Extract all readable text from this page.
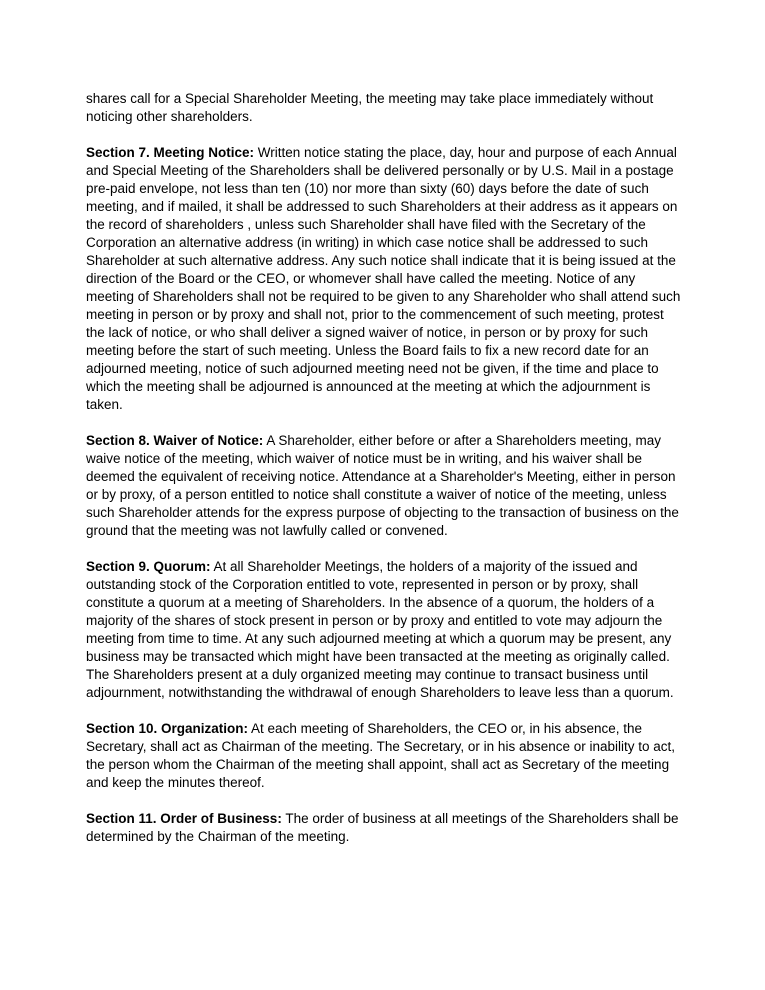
shares call for a Special Shareholder Meeting, the meeting may take place immediately without noticing other shareholders.

Section 7. Meeting Notice: Written notice stating the place, day, hour and purpose of each Annual and Special Meeting of the Shareholders shall be delivered personally or by U.S. Mail in a postage pre-paid envelope, not less than ten (10) nor more than sixty (60) days before the date of such meeting, and if mailed, it shall be addressed to such Shareholders at their address as it appears on the record of shareholders , unless such Shareholder shall have filed with the Secretary of the Corporation an alternative address (in writing) in which case notice shall be addressed to such Shareholder at such alternative address. Any such notice shall indicate that it is being issued at the direction of the Board or the CEO, or whomever shall have called the meeting. Notice of any meeting of Shareholders shall not be required to be given to any Shareholder who shall attend such meeting in person or by proxy and shall not, prior to the commencement of such meeting, protest the lack of notice, or who shall deliver a signed waiver of notice, in person or by proxy for such meeting before the start of such meeting. Unless the Board fails to fix a new record date for an adjourned meeting, notice of such adjourned meeting need not be given, if the time and place to which the meeting shall be adjourned is announced at the meeting at which the adjournment is taken.

Section 8. Waiver of Notice: A Shareholder, either before or after a Shareholders meeting, may waive notice of the meeting, which waiver of notice must be in writing, and his waiver shall be deemed the equivalent of receiving notice. Attendance at a Shareholder's Meeting, either in person or by proxy, of a person entitled to notice shall constitute a waiver of notice of the meeting, unless such Shareholder attends for the express purpose of objecting to the transaction of business on the ground that the meeting was not lawfully called or convened.

Section 9. Quorum: At all Shareholder Meetings, the holders of a majority of the issued and outstanding stock of the Corporation entitled to vote, represented in person or by proxy, shall constitute a quorum at a meeting of Shareholders. In the absence of a quorum, the holders of a majority of the shares of stock present in person or by proxy and entitled to vote may adjourn the meeting from time to time. At any such adjourned meeting at which a quorum may be present, any business may be transacted which might have been transacted at the meeting as originally called. The Shareholders present at a duly organized meeting may continue to transact business until adjournment, notwithstanding the withdrawal of enough Shareholders to leave less than a quorum.

Section 10. Organization: At each meeting of Shareholders, the CEO or, in his absence, the Secretary, shall act as Chairman of the meeting. The Secretary, or in his absence or inability to act, the person whom the Chairman of the meeting shall appoint, shall act as Secretary of the meeting and keep the minutes thereof.

Section 11. Order of Business: The order of business at all meetings of the Shareholders shall be determined by the Chairman of the meeting.
